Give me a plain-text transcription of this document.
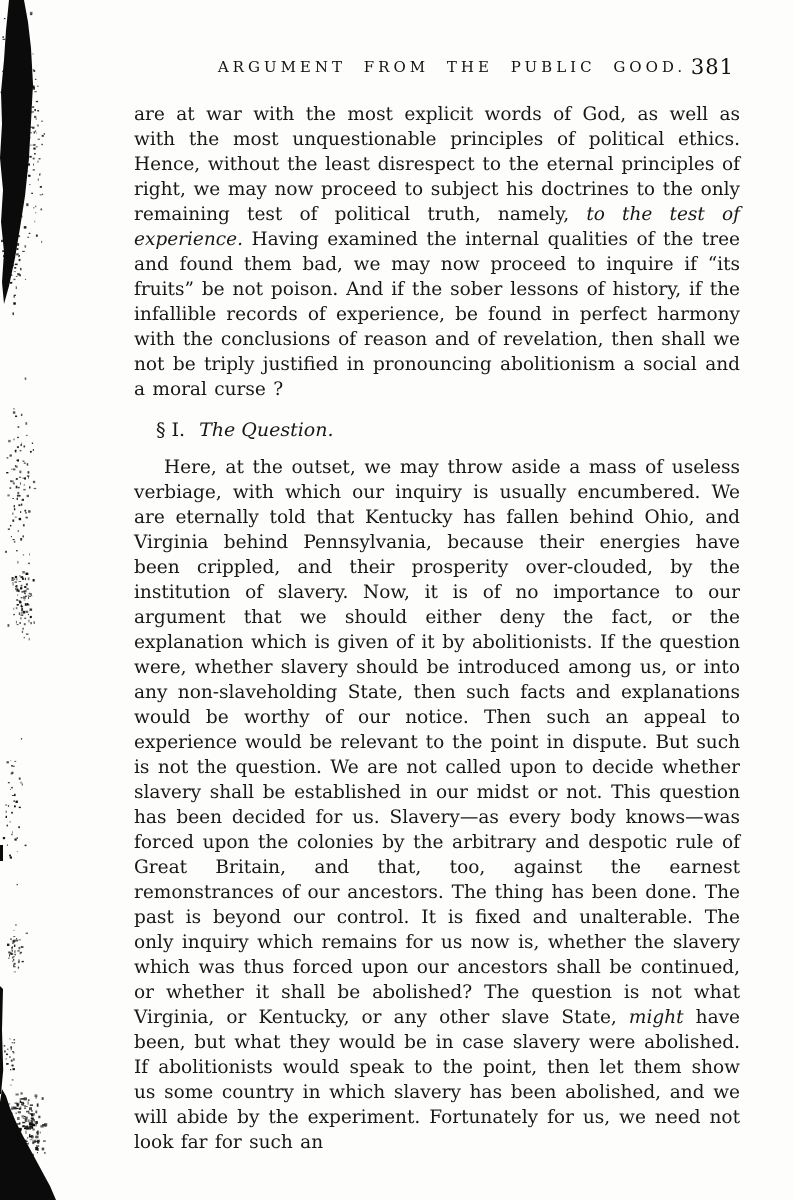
ARGUMENT FROM THE PUBLIC GOOD. 381

are at war with the most explicit words of God, as well as with the most unquestionable principles of political ethics. Hence, without the least disrespect to the eternal principles of right, we may now proceed to subject his doctrines to the only remaining test of political truth, namely, to the test of experience. Having examined the internal qualities of the tree and found them bad, we may now proceed to inquire if “its fruits” be not poison. And if the sober lessons of history, if the infallible records of experience, be found in perfect harmony with the conclusions of reason and of revelation, then shall we not be triply justified in pronouncing abolitionism a social and a moral curse ?

§ I. The Question.

Here, at the outset, we may throw aside a mass of useless verbiage, with which our inquiry is usually encumbered. We are eternally told that Kentucky has fallen behind Ohio, and Virginia behind Pennsylvania, because their energies have been crippled, and their prosperity over-clouded, by the institution of slavery. Now, it is of no importance to our argument that we should either deny the fact, or the explanation which is given of it by abolitionists. If the question were, whether slavery should be introduced among us, or into any non-slaveholding State, then such facts and explanations would be worthy of our notice. Then such an appeal to experience would be relevant to the point in dispute. But such is not the question. We are not called upon to decide whether slavery shall be established in our midst or not. This question has been decided for us. Slavery—as every body knows—was forced upon the colonies by the arbitrary and despotic rule of Great Britain, and that, too, against the earnest remonstrances of our ancestors. The thing has been done. The past is beyond our control. It is fixed and unalterable. The only inquiry which remains for us now is, whether the slavery which was thus forced upon our ancestors shall be continued, or whether it shall be abolished? The question is not what Virginia, or Kentucky, or any other slave State, might have been, but what they would be in case slavery were abolished. If abolitionists would speak to the point, then let them show us some country in which slavery has been abolished, and we will abide by the experiment. Fortunately for us, we need not look far for such an
